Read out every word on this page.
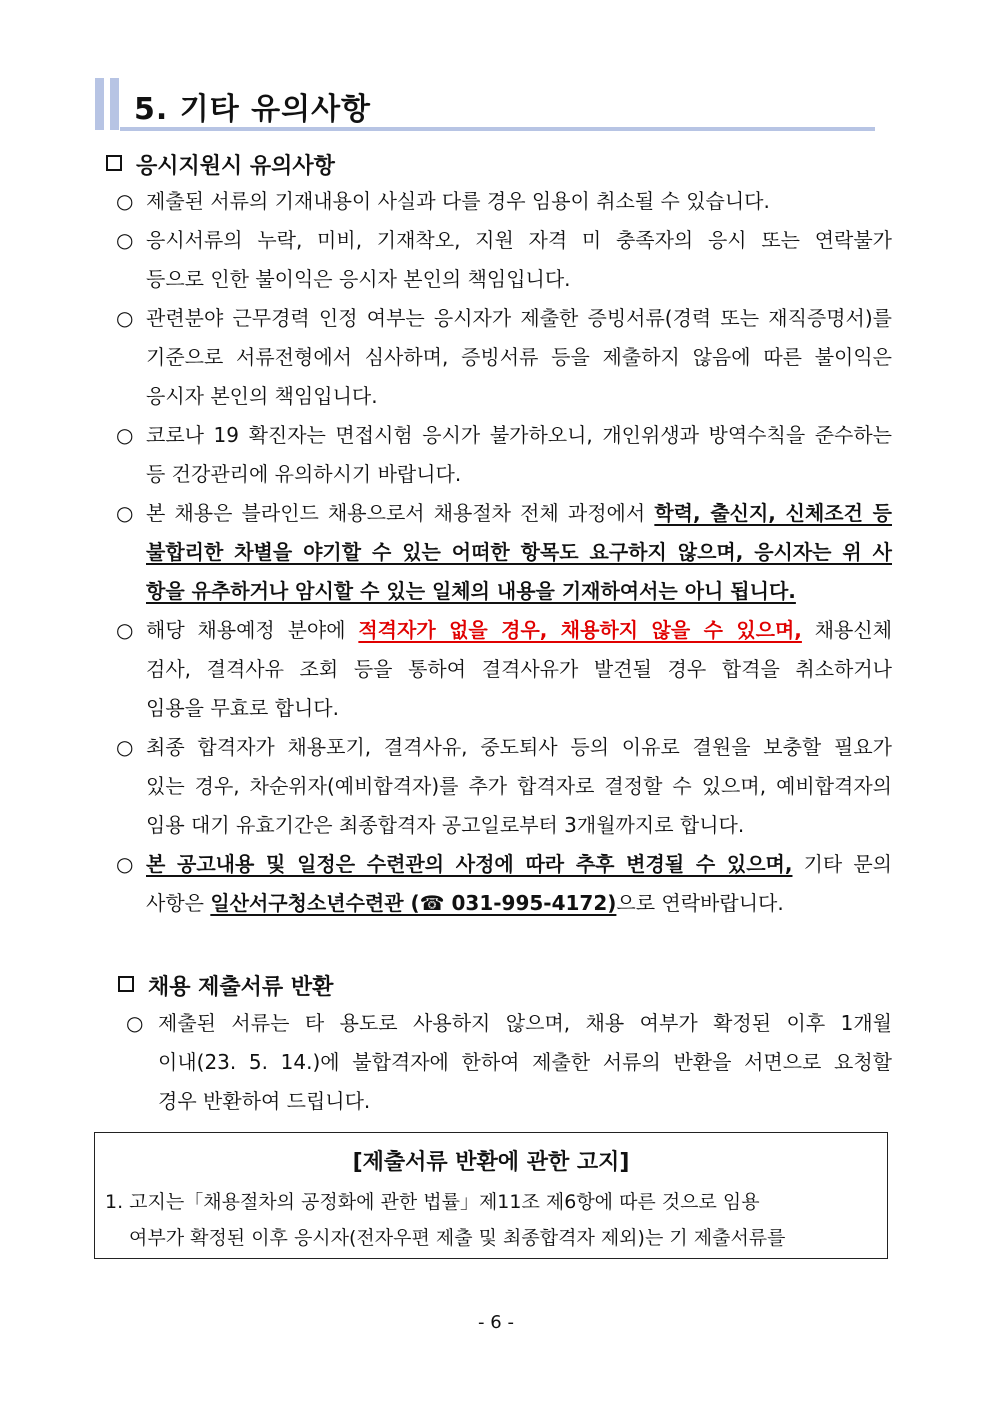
5. 기타 유의사항
응시지원시 유의사항
○ 제출된 서류의 기재내용이 사실과 다를 경우 임용이 취소될 수 있습니다.
○ 응시서류의 누락, 미비, 기재착오, 지원 자격 미 충족자의 응시 또는 연락불가
등으로 인한 불이익은 응시자 본인의 책임입니다.
○ 관련분야 근무경력 인정 여부는 응시자가 제출한 증빙서류(경력 또는 재직증명서)를
기준으로 서류전형에서 심사하며, 증빙서류 등을 제출하지 않음에 따른 불이익은
응시자 본인의 책임입니다.
○ 코로나 19 확진자는 면접시험 응시가 불가하오니, 개인위생과 방역수칙을 준수하는
등 건강관리에 유의하시기 바랍니다.
○ 본 채용은 블라인드 채용으로서 채용절차 전체 과정에서 학력, 출신지, 신체조건 등
불합리한 차별을 야기할 수 있는 어떠한 항목도 요구하지 않으며, 응시자는 위 사
항을 유추하거나 암시할 수 있는 일체의 내용을 기재하여서는 아니 됩니다.
○ 해당 채용예정 분야에 적격자가 없을 경우, 채용하지 않을 수 있으며, 채용신체
검사, 결격사유 조회 등을 통하여 결격사유가 발견될 경우 합격을 취소하거나
임용을 무효로 합니다.
○ 최종 합격자가 채용포기, 결격사유, 중도퇴사 등의 이유로 결원을 보충할 필요가
있는 경우, 차순위자(예비합격자)를 추가 합격자로 결정할 수 있으며, 예비합격자의
임용 대기 유효기간은 최종합격자 공고일로부터 3개월까지로 합니다.
○ 본 공고내용 및 일정은 수련관의 사정에 따라 추후 변경될 수 있으며, 기타 문의
사항은 일산서구청소년수련관 (☎ 031-995-4172)으로 연락바랍니다.
채용 제출서류 반환
○ 제출된 서류는 타 용도로 사용하지 않으며, 채용 여부가 확정된 이후 1개월
이내(23. 5. 14.)에 불합격자에 한하여 제출한 서류의 반환을 서면으로 요청할
경우 반환하여 드립니다.
[제출서류 반환에 관한 고지]
1. 고지는「채용절차의 공정화에 관한 법률」제11조 제6항에 따른 것으로 임용
여부가 확정된 이후 응시자(전자우편 제출 및 최종합격자 제외)는 기 제출서류를
- 6 -
